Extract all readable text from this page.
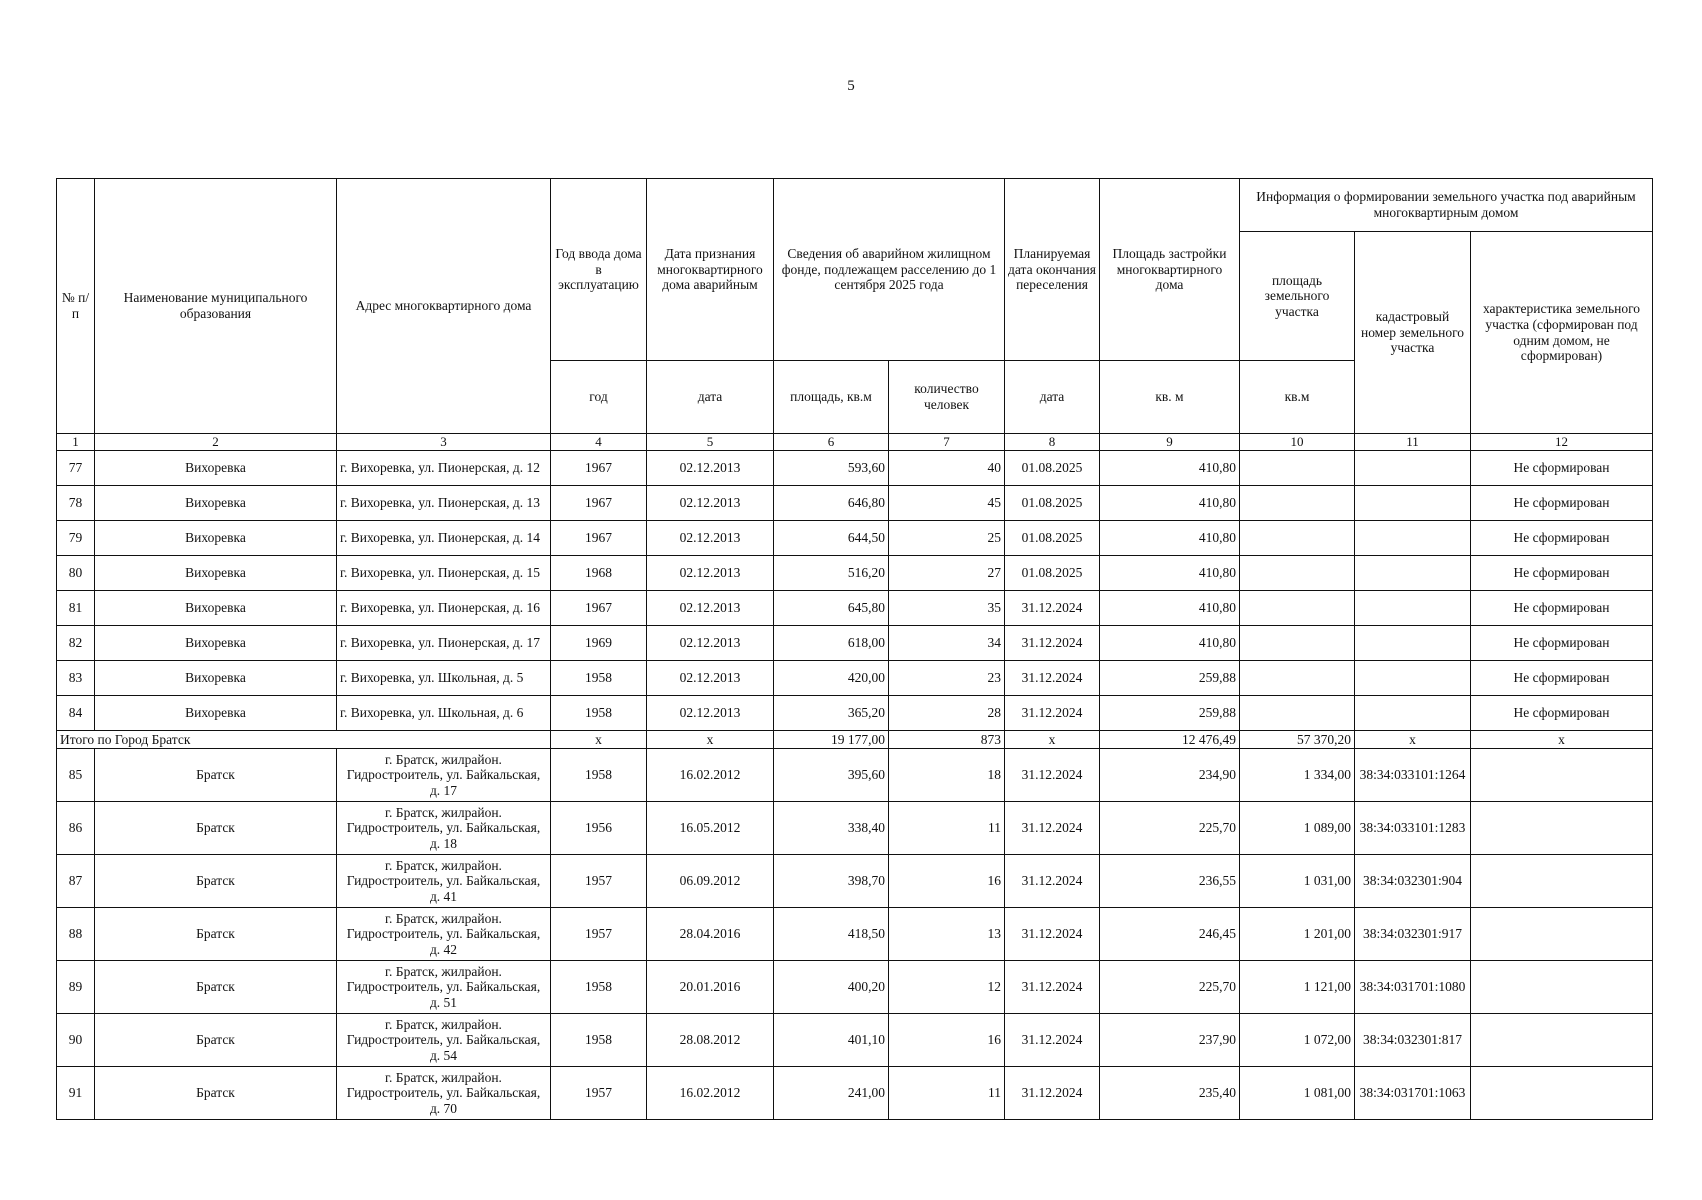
5
№ п/п	Наименование муниципального образования	Адрес многоквартирного дома	Год ввода дома в эксплуатацию	Дата признания многоквартирного дома аварийным	Сведения об аварийном жилищном фонде, подлежащем расселению до 1 сентября 2025 года		Планируемая дата окончания переселения	Площадь застройки многоквартирного дома	Информация о формировании земельного участка под аварийным многоквартирным домом		
									площадь земельного участка	кадастровый номер земельного участка	характеристика земельного участка (сформирован под одним домом, не сформирован)
			год	дата	площадь, кв.м	количество человек	дата	кв. м	кв.м		
1	2	3	4	5	6	7	8	9	10	11	12
77	Вихоревка	г. Вихоревка, ул. Пионерская, д. 12	1967	02.12.2013	593,60	40	01.08.2025	410,80			Не сформирован
78	Вихоревка	г. Вихоревка, ул. Пионерская, д. 13	1967	02.12.2013	646,80	45	01.08.2025	410,80			Не сформирован
79	Вихоревка	г. Вихоревка, ул. Пионерская, д. 14	1967	02.12.2013	644,50	25	01.08.2025	410,80			Не сформирован
80	Вихоревка	г. Вихоревка, ул. Пионерская, д. 15	1968	02.12.2013	516,20	27	01.08.2025	410,80			Не сформирован
81	Вихоревка	г. Вихоревка, ул. Пионерская, д. 16	1967	02.12.2013	645,80	35	31.12.2024	410,80			Не сформирован
82	Вихоревка	г. Вихоревка, ул. Пионерская, д. 17	1969	02.12.2013	618,00	34	31.12.2024	410,80			Не сформирован
83	Вихоревка	г. Вихоревка, ул. Школьная, д. 5	1958	02.12.2013	420,00	23	31.12.2024	259,88			Не сформирован
84	Вихоревка	г. Вихоревка, ул. Школьная, д. 6	1958	02.12.2013	365,20	28	31.12.2024	259,88			Не сформирован
Итого по Город Братск			x	x	19 177,00	873	x	12 476,49	57 370,20	x	x
85	Братск	г. Братск, жилрайон.
Гидростроитель, ул. Байкальская,
д. 17	1958	16.02.2012	395,60	18	31.12.2024	234,90	1 334,00	38:34:033101:1264	
86	Братск	г. Братск, жилрайон.
Гидростроитель, ул. Байкальская,
д. 18	1956	16.05.2012	338,40	11	31.12.2024	225,70	1 089,00	38:34:033101:1283	
87	Братск	г. Братск, жилрайон.
Гидростроитель, ул. Байкальская,
д. 41	1957	06.09.2012	398,70	16	31.12.2024	236,55	1 031,00	38:34:032301:904	
88	Братск	г. Братск, жилрайон.
Гидростроитель, ул. Байкальская,
д. 42	1957	28.04.2016	418,50	13	31.12.2024	246,45	1 201,00	38:34:032301:917	
89	Братск	г. Братск, жилрайон.
Гидростроитель, ул. Байкальская,
д. 51	1958	20.01.2016	400,20	12	31.12.2024	225,70	1 121,00	38:34:031701:1080	
90	Братск	г. Братск, жилрайон.
Гидростроитель, ул. Байкальская,
д. 54	1958	28.08.2012	401,10	16	31.12.2024	237,90	1 072,00	38:34:032301:817	
91	Братск	г. Братск, жилрайон.
Гидростроитель, ул. Байкальская,
д. 70	1957	16.02.2012	241,00	11	31.12.2024	235,40	1 081,00	38:34:031701:1063	
